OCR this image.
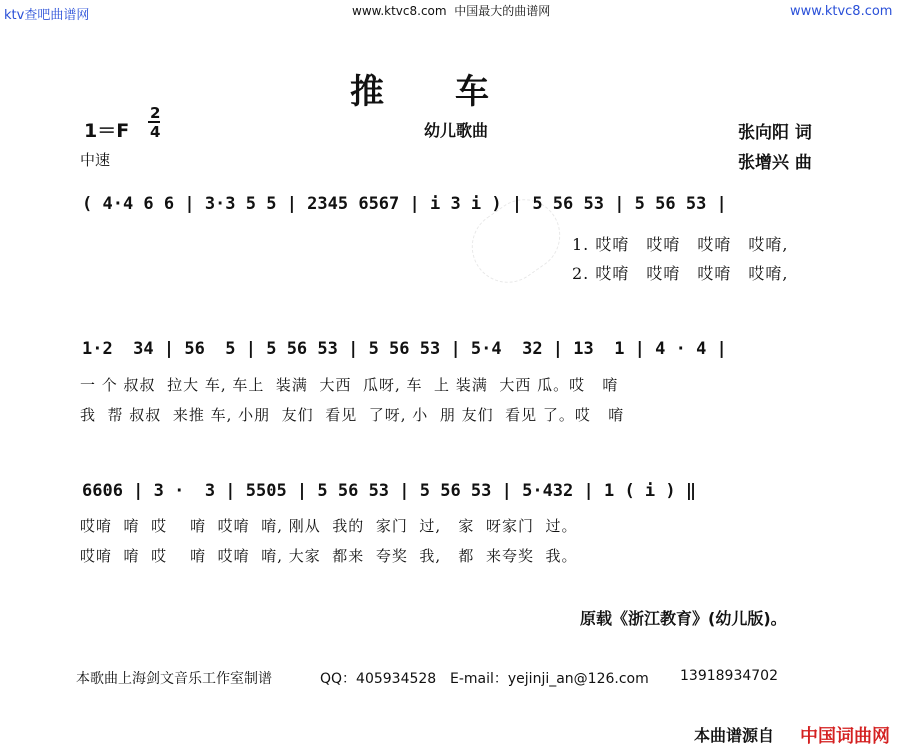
ktv查吧曲谱网	www.ktvc8.com  中国最大的曲谱网	www.ktvc8.com
推　　车
1＝F
2
4
中速
幼儿歌曲	张向阳 词
张增兴 曲
( 4·4 6 6 | 3·3 5 5 | 2345 6567 | i 3 i ) | 5 56 53 | 5 56 53 |
1. 哎唷　哎唷　哎唷　哎唷,
2. 哎唷　哎唷　哎唷　哎唷,
1·2  34 | 56  5 | 5 56 53 | 5 56 53 | 5·4  32 | 13  1 | 4 · 4 |
一 个 叔叔  拉大 车, 车上  装满  大西  瓜呀, 车  上 装满  大西 瓜。哎   唷
我  帮 叔叔  来推 车, 小朋  友们  看见  了呀, 小  朋 友们  看见 了。哎   唷
6606 | 3 ·  3 | 5505 | 5 56 53 | 5 56 53 | 5·432 | 1 ( i ) ‖
哎唷  唷  哎    唷  哎唷  唷, 刚从  我的  家门  过,   家  呀家门  过。
哎唷  唷  哎    唷  哎唷  唷, 大家  都来  夸奖  我,   都  来夸奖  我。
原载《浙江教育》(幼儿版)。
本歌曲上海剑文音乐工作室制谱	QQ：405934528 E-mail：yejinji_an@126.com 13918934702
本曲谱源自 中国词曲网
